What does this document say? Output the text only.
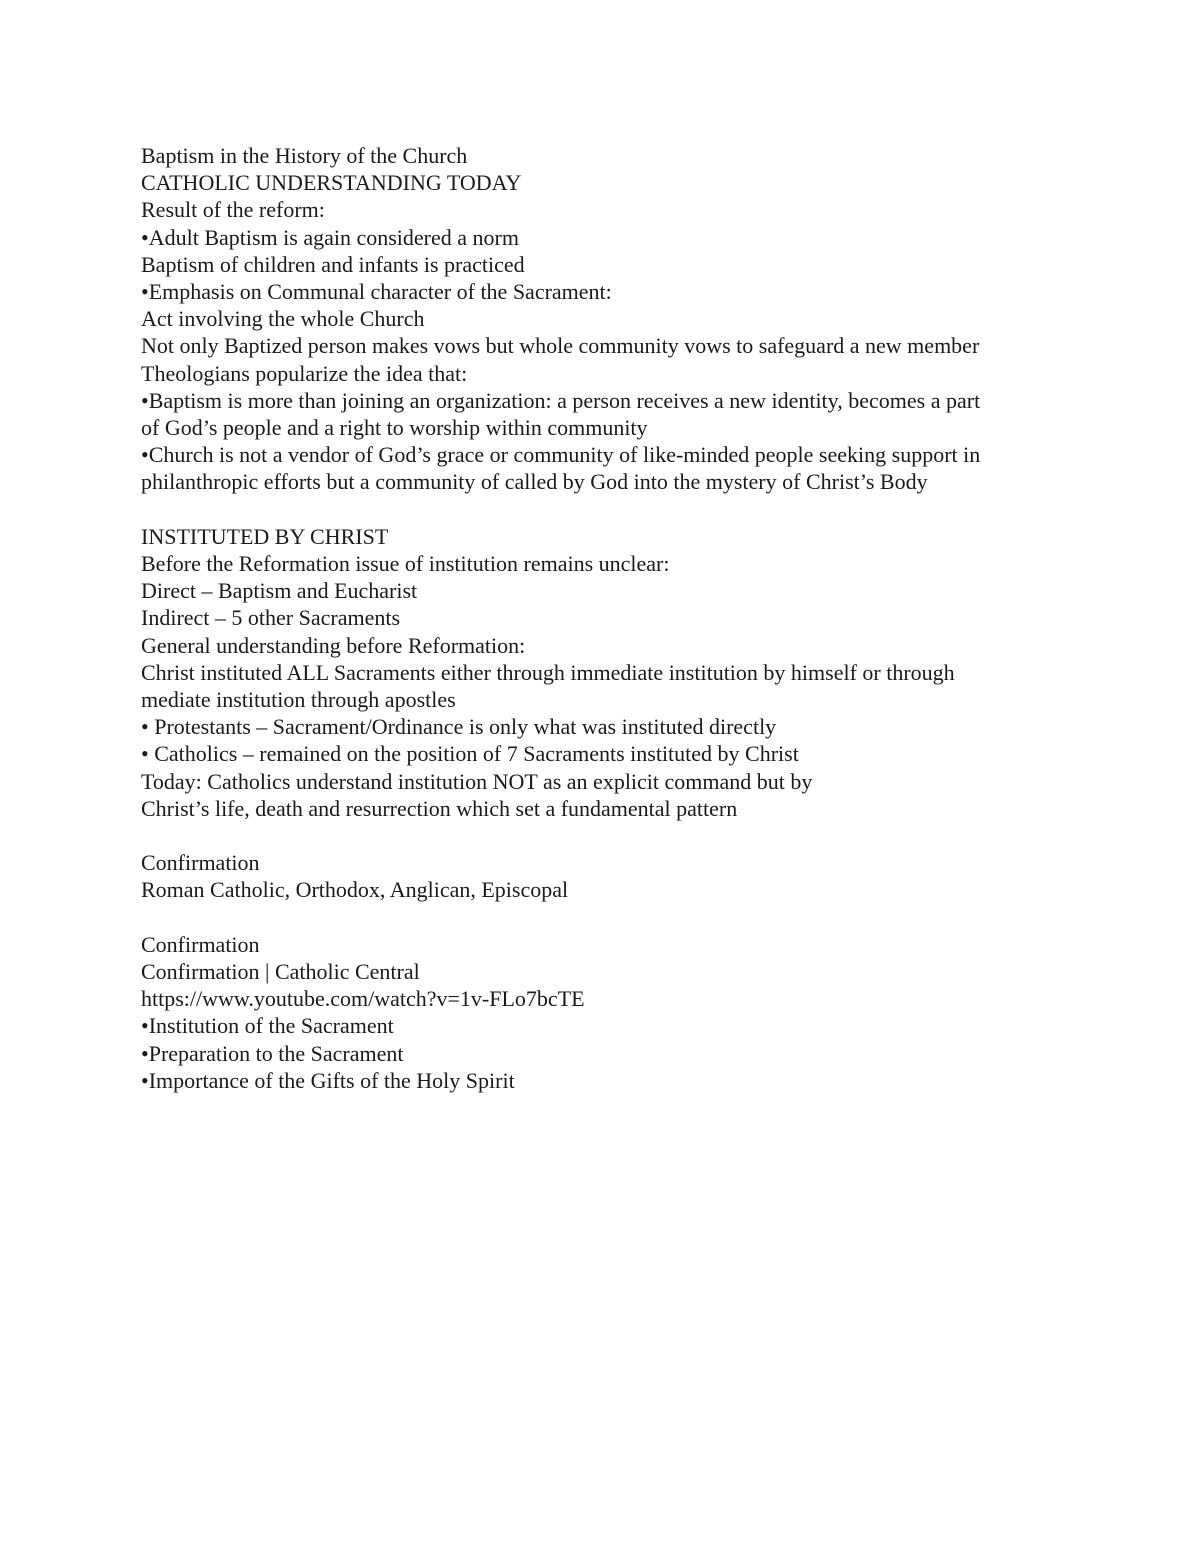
Baptism in the History of the Church
CATHOLIC UNDERSTANDING TODAY
Result of the reform:
•Adult Baptism is again considered a norm
Baptism of children and infants is practiced
•Emphasis on Communal character of the Sacrament:
Act involving the whole Church
Not only Baptized person makes vows but whole community vows to safeguard a new member
Theologians popularize the idea that:
•Baptism is more than joining an organization: a person receives a new identity, becomes a part
of God’s people and a right to worship within community
•Church is not a vendor of God’s grace or community of like-minded people seeking support in
philanthropic efforts but a community of called by God into the mystery of Christ’s Body
INSTITUTED BY CHRIST
Before the Reformation issue of institution remains unclear:
Direct – Baptism and Eucharist
Indirect – 5 other Sacraments
General understanding before Reformation:
Christ instituted ALL Sacraments either through immediate institution by himself or through
mediate institution through apostles
• Protestants – Sacrament/Ordinance is only what was instituted directly
• Catholics – remained on the position of 7 Sacraments instituted by Christ
Today: Catholics understand institution NOT as an explicit command but by
Christ’s life, death and resurrection which set a fundamental pattern
Confirmation
Roman Catholic, Orthodox, Anglican, Episcopal
Confirmation
Confirmation | Catholic Central
https://www.youtube.com/watch?v=1v-FLo7bcTE
•Institution of the Sacrament
•Preparation to the Sacrament
•Importance of the Gifts of the Holy Spirit
